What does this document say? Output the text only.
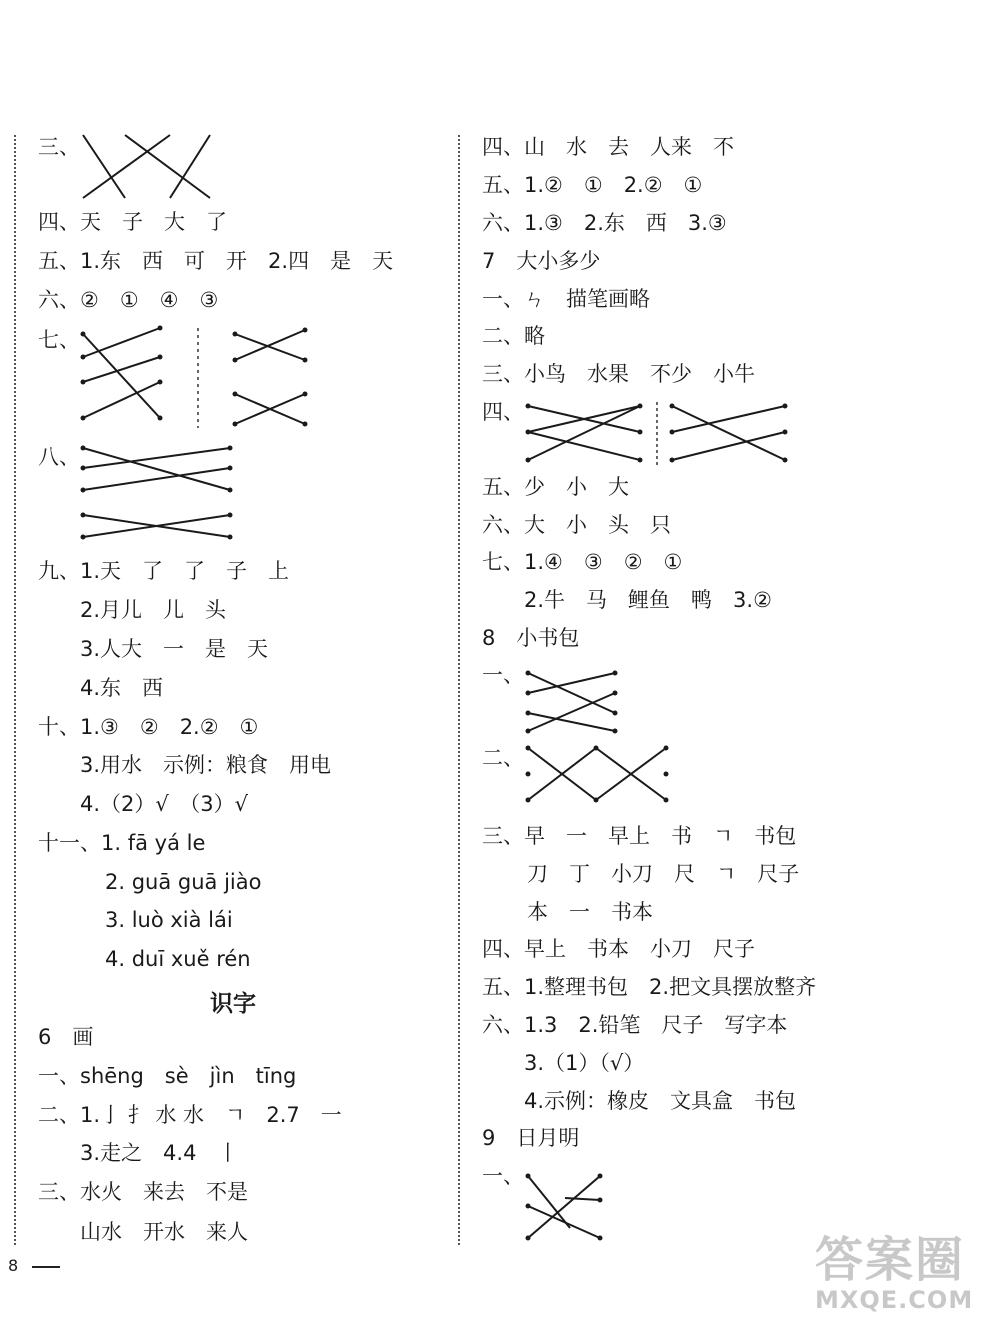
三、
四、天　子　大　了
五、1.东　西　可　开　2.四　是　天
六、②　①　④　③
七、
八、
九、1.天　了　了　子　上
2.月儿　儿　头
3.人大　一　是　天
4.东　西
十、1.③　②　2.②　①
3.用水　示例：粮食　用电
4.（2）√　（3）√
十一、1. fā yá le
2. guā guā jiào
3. luò xià lái
4. duī xuě rén
识字
6　画
一、shēng　sè　jìn　tīng
二、1.亅 扌 水 水　ㄱ　2.7　一
3.走之　4.4　丨
三、水火　来去　不是
山水　开水　来人
四、山　水　去　人来　不
五、1.②　①　2.②　①
六、1.③　2.东　西　3.③
7　大小多少
一、ㄣ　描笔画略
二、略
三、小鸟　水果　不少　小牛
四、
五、少　小　大
六、大　小　头　只
七、1.④　③　②　①
2.牛　马　鲤鱼　鸭　3.②
8　小书包
一、
二、
三、早　一　早上　书　ㄱ　书包
刀　丁　小刀　尺　ㄱ　尺子
本　一　书本
四、早上　书本　小刀　尺子
五、1.整理书包　2.把文具摆放整齐
六、1.3　2.铅笔　尺子　写字本
3.（1）（√）
4.示例：橡皮　文具盒　书包
9　日月明
一、
8	答案圈
MXQE.COM
